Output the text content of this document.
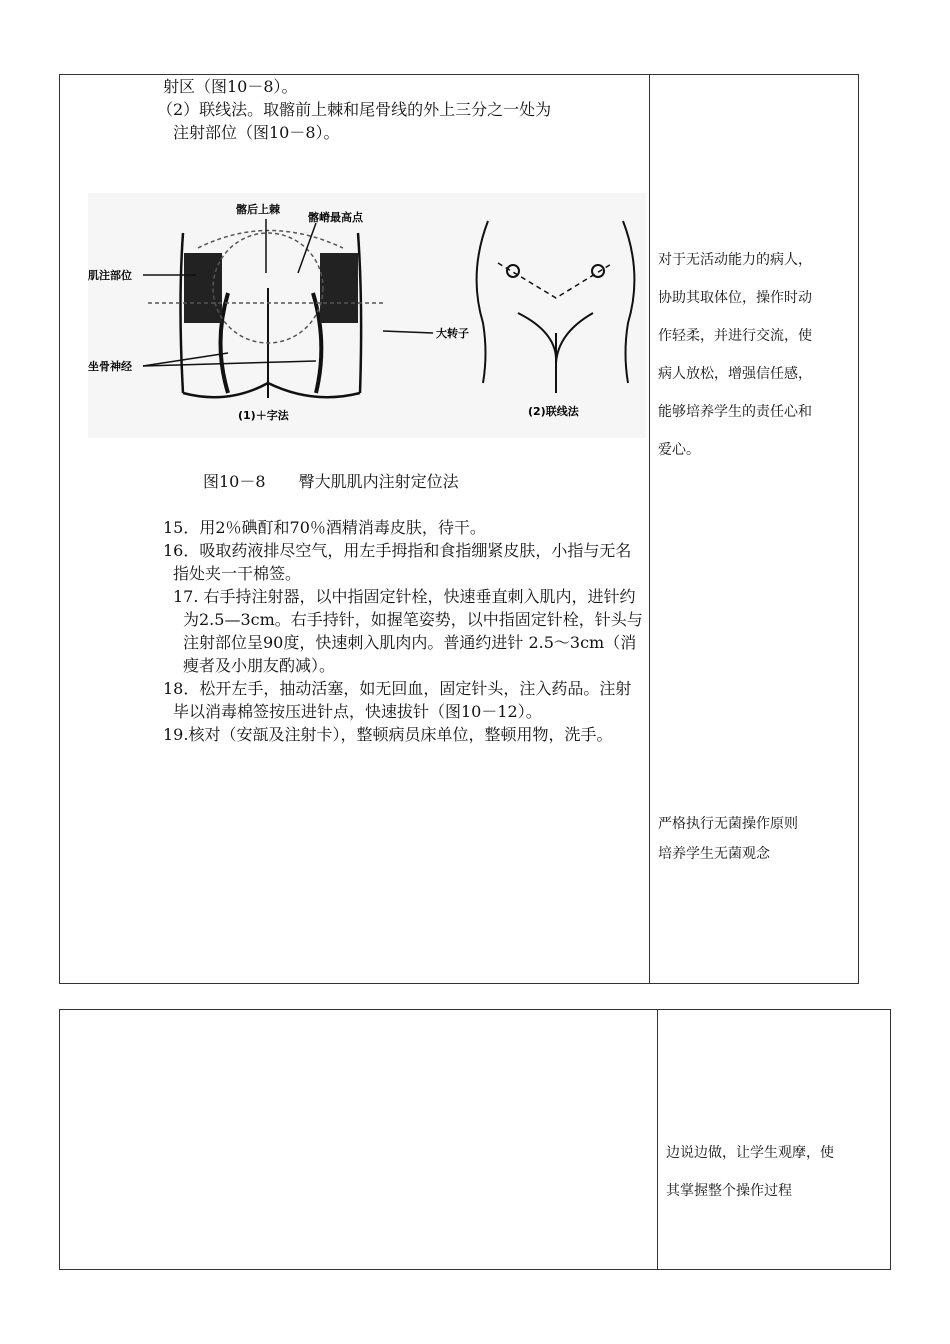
射区（图10－8）。

（2）联线法。取髂前上棘和尾骨线的外上三分之一处为

注射部位（图10－8）。

髂后上棘
髂嵴最高点
肌注部位
大转子
坐骨神经
(1)＋字法	(2)联线法
图10－8 臀大肌肌内注射定位法

15．用2％碘酊和70％酒精消毒皮肤，待干。

16．吸取药液排尽空气，用左手拇指和食指绷紧皮肤，小指与无名指处夹一干棉签。

17. 右手持注射器，以中指固定针栓，快速垂直刺入肌内，进针约为2.5—3cm。右手持针，如握笔姿势，以中指固定针栓，针头与注射部位呈90度，快速刺入肌肉内。普通约进针 2.5～3cm（消瘦者及小朋友酌减）。

18．松开左手，抽动活塞，如无回血，固定针头，注入药品。注射毕以消毒棉签按压进针点，快速拔针（图10－12）。

19.核对（安瓿及注射卡），整顿病员床单位，整顿用物，洗手。

对于无活动能力的病人，
协助其取体位，操作时动
作轻柔，并进行交流，使
病人放松，增强信任感，
能够培养学生的责任心和
爱心。
严格执行无菌操作原则
培养学生无菌观念
边说边做，让学生观摩，使
其掌握整个操作过程
